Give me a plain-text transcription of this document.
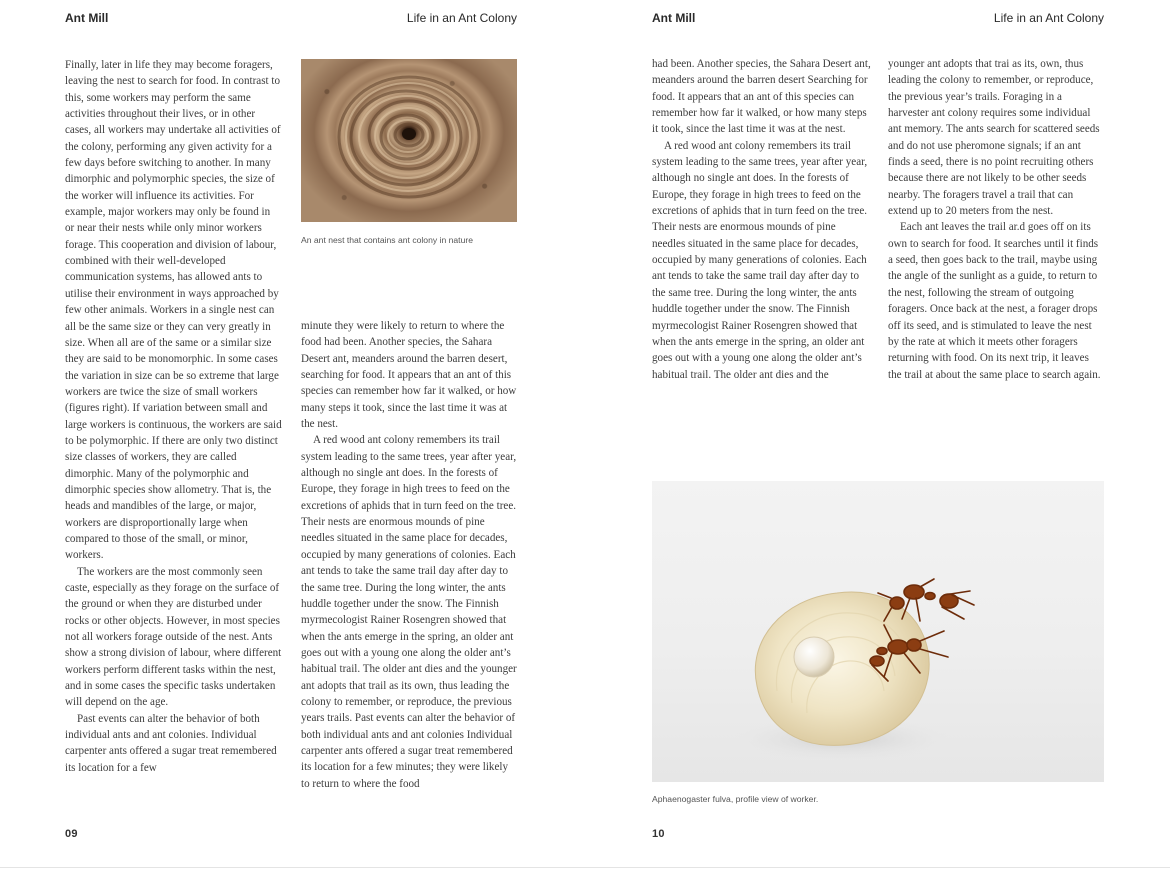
Ant Mill	Life in an Ant Colony

Finally, later in life they may become foragers, leaving the nest to search for food. In contrast to this, some workers may perform the same activities throughout their lives, or in other cases, all workers may undertake all activities of the colony, performing any given activity for a few days before switching to another. In many dimorphic and polymorphic species, the size of the worker will influence its activities. For example, major workers may only be found in or near their nests while only minor workers forage. This cooperation and division of labour, combined with their well-developed communication systems, has allowed ants to utilise their environment in ways approached by few other animals. Workers in a single nest can all be the same size or they can very greatly in size. When all are of the same or a similar size they are said to be monomorphic. In some cases the variation in size can be so extreme that large workers are twice the size of small workers (figures right). If variation between small and large workers is continuous, the workers are said to be polymorphic. If there are only two distinct size classes of workers, they are called dimorphic. Many of the polymorphic and dimorphic species show allometry. That is, the heads and mandibles of the large, or major, workers are disproportionally large when compared to those of the small, or minor, workers.

The workers are the most commonly seen caste, especially as they forage on the surface of the ground or when they are disturbed under rocks or other objects. However, in most species not all workers forage outside of the nest. Ants show a strong division of labour, where different workers perform different tasks within the nest, and in some cases the specific tasks undertaken will depend on the age.

Past events can alter the behavior of both individual ants and ant colonies. Individual carpenter ants offered a sugar treat remembered its location for a few

An ant nest that contains ant colony in nature

minute they were likely to return to where the food had been. Another species, the Sahara Desert ant, meanders around the barren desert, searching for food. It appears that an ant of this species can remember how far it walked, or how many steps it took, since the last time it was at the nest.

A red wood ant colony remembers its trail system leading to the same trees, year after year, although no single ant does. In the forests of Europe, they forage in high trees to feed on the excretions of aphids that in turn feed on the tree. Their nests are enormous mounds of pine needles situated in the same place for decades, occupied by many generations of colonies. Each ant tends to take the same trail day after day to the same tree. During the long winter, the ants huddle together under the snow. The Finnish myrmecologist Rainer Rosengren showed that when the ants emerge in the spring, an older ant goes out with a young one along the older ant’s habitual trail. The older ant dies and the younger ant adopts that trail as its own, thus leading the colony to remember, or reproduce, the previous years trails. Past events can alter the behavior of both individual ants and ant colonies Individual carpenter ants offered a sugar treat remembered its location for a few minutes; they were likely to return to where the food

09
Ant Mill	Life in an Ant Colony

had been. Another species, the Sahara Desert ant, meanders around the barren desert Searching for food. It appears that an ant of this species can remember how far it walked, or how many steps it took, since the last time it was at the nest.

A red wood ant colony remembers its trail system leading to the same trees, year after year, although no single ant does. In the forests of Europe, they forage in high trees to feed on the excretions of aphids that in turn feed on the tree. Their nests are enormous mounds of pine needles situated in the same place for decades, occupied by many generations of colonies. Each ant tends to take the same trail day after day to the same tree. During the long winter, the ants huddle together under the snow. The Finnish myrmecologist Rainer Rosengren showed that when the ants emerge in the spring, an older ant goes out with a young one along the older ant’s habitual trail. The older ant dies and the

younger ant adopts that trai as its, own, thus leading the colony to remember, or reproduce, the previous year’s trails. Foraging in a harvester ant colony requires some individual ant memory. The ants search for scattered seeds and do not use pheromone signals; if an ant finds a seed, there is no point recruiting others because there are not likely to be other seeds nearby. The foragers travel a trail that can extend up to 20 meters from the nest.

Each ant leaves the trail ar.d goes off on its own to search for food. It searches until it finds a seed, then goes back to the trail, maybe using the angle of the sunlight as a guide, to return to the nest, following the stream of outgoing foragers. Once back at the nest, a forager drops off its seed, and is stimulated to leave the nest by the rate at which it meets other foragers returning with food. On its next trip, it leaves the trail at about the same place to search again.

Aphaenogaster fulva, profile view of worker.
10
